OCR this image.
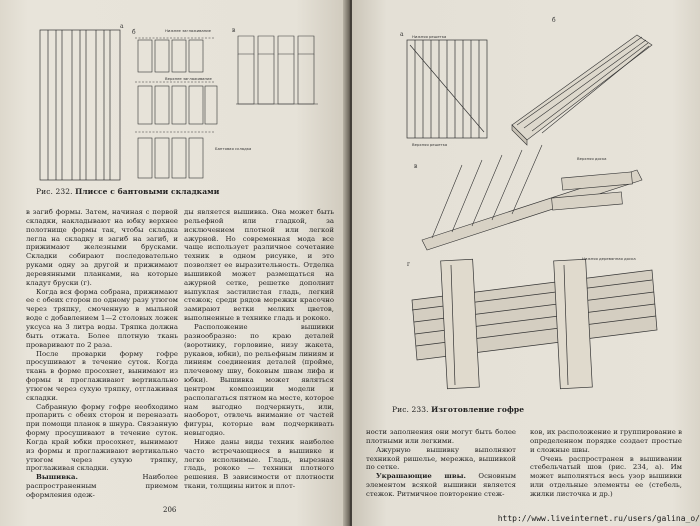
а
б	Нижнее заглаживание
Верхнее заглаживание
Бантовая складка
в
Рис. 232. Плиссе с бантовыми складками

в загиб формы. Затем, начиная с первой складки, накладывают на юбку верхнее полотнище формы так, чтобы складка легла на складку и загиб на загиб, и прижимают железными брусками. Складки собирают последовательно руками одну за другой и прижимают деревянными планками, на которые кладут бруски (г).

Когда вся форма собрана, прижимают ее с обеих сторон по одному разу утюгом через тряпку, смоченную в мыльной воде с добавлением 1—2 столовых ложек уксуса на 3 литра воды. Тряпка должна быть отжата. Более плотную ткань проваривают по 2 раза.

После проварки форму гофре просушивают в течение суток. Когда ткань в форме просохнет, вынимают из формы и проглаживают вертикально утюгом через сухую тряпку, отглаживая складки.

Сабранную форму гофре необходимо пропарить с обеих сторон и переназать при помощи планок в шнура. Связанную форму просушивают в течение суток. Когда край юбки просохнет, вынимают из формы и проглаживают вертикально утюгом через сухую тряпку, проглаживая складки.

Вышивка.	Наиболее распространенным приемом оформления одеж-

ды является вышивка. Она может быть рельефной или гладкой, за исключением плотной или легкой ажурной. Но современная мода все чаще использует различное сочетание техник в одном рисунке, и это позволяет ее выразительность. Отделка вышивкой может размещаться на ажурной сетке, решетке дополнит выпуклая застилистая гладь, легкий стежок; среди рядов мережки красочно замирают ветки мелких цветов, выполненные в технике гладь и рококо.

Расположение вышивки разнообразно: по краю деталей (воротнику, горловине, низу жакета, рукавов, юбки), по рельефным линиям и линиям соединения деталей (пройме, плечевому шву, боковым швам лифа и юбки). Вышивка может являться центром композиции модели и располагаться пятном на месте, которое нам выгодно подчеркнуть, или, наоборот, отвлечь внимание от частей фигуры, которые вам подчеркивать невыгодно.

Ниже даны виды техник наиболее часто встречающиеся в вышивке и легко исполнимые. Гладь, вырезная гладь, рококо — техники плотного решения. В зависимости от плотности ткани, толщины ниток и плот-

206
Нижняя решетка
Верхняя решетка
а
б
в
Верхняя доска
г
Нижняя деревянная доска
Рис. 233. Изготовление гофре

ности заполнения они могут быть более плотными или легкими.

Ажурную вышивку выполняют техникой ришелье, мережка, вышивкой по сетке.

Украшающие швы. Основным элементом всякой вышивки является стежок. Ритмичное повторение стеж-

ков, их расположение и группирование в определенном порядке создает простые и сложные швы.

Очень распространен в вышивании стебельчатый шов (рис. 234, а). Им может выполняться весь узор вышивки или отдельные элементы ее (стебель, жилки листочка и др.)

http://www.liveinternet.ru/users/galina_o/
